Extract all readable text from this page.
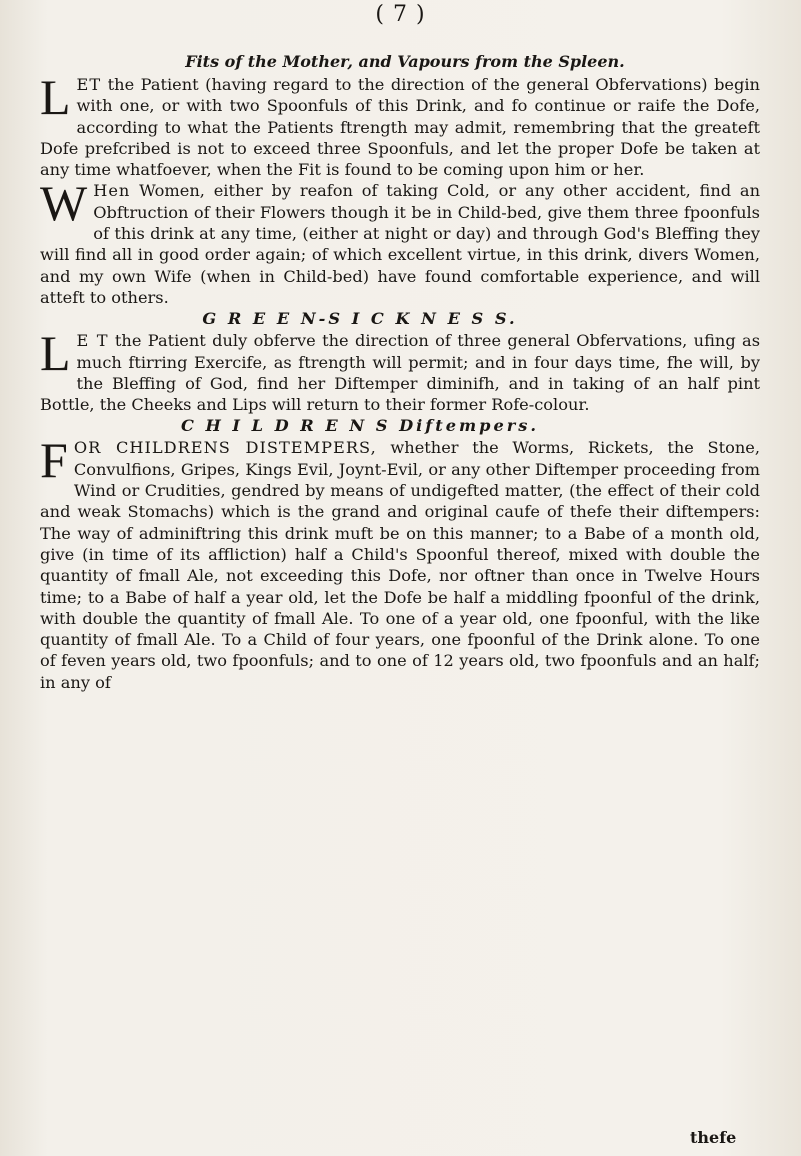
( 7 )

Fits of the Mother, and Vapours from the Spleen.

L ET the Patient (having regard to the direction of the general Obfervations) begin with one, or with two Spoonfuls of this Drink, and fo continue or raife the Dofe, according to what the Patients ftrength may admit, remembring that the greateft Dofe prefcribed is not to exceed three Spoonfuls, and let the proper Dofe be taken at any time whatfoever, when the Fit is found to be coming upon him or her.

W Hen Women, either by reafon of taking Cold, or any other accident, find an Obftruction of their Flowers though it be in Child-bed, give them three fpoonfuls of this drink at any time, (either at night or day) and through God's Bleffing they will find all in good order again; of which excellent virtue, in this drink, divers Women, and my own Wife (when in Child-bed) have found comfortable experience, and will atteft to others.

G R E E N-S I C K N E S S.

L E T the Patient duly obferve the direction of three general Obfervations, ufing as much ftirring Exercife, as ftrength will permit; and in four days time, fhe will, by the Bleffing of God, find her Diftemper diminifh, and in taking of an half pint Bottle, the Cheeks and Lips will return to their former Rofe-colour.

C H I L D R E N S Diftempers.

F OR CHILDRENS DISTEMPERS, whether the Worms, Rickets, the Stone, Convulfions, Gripes, Kings Evil, Joynt-Evil, or any other Diftemper proceeding from Wind or Crudities, gendred by means of undigefted matter, (the effect of their cold and weak Stomachs) which is the grand and original caufe of thefe their diftempers: The way of adminiftring this drink muft be on this manner; to a Babe of a month old, give (in time of its affliction) half a Child's Spoonful thereof, mixed with double the quantity of fmall Ale, not exceeding this Dofe, nor oftner than once in Twelve Hours time; to a Babe of half a year old, let the Dofe be half a middling fpoonful of the drink, with double the quantity of fmall Ale. To one of a year old, one fpoonful, with the like quantity of fmall Ale. To a Child of four years, one fpoonful of the Drink alone. To one of feven years old, two fpoonfuls; and to one of 12 years old, two fpoonfuls and an half; in any of

thefe
